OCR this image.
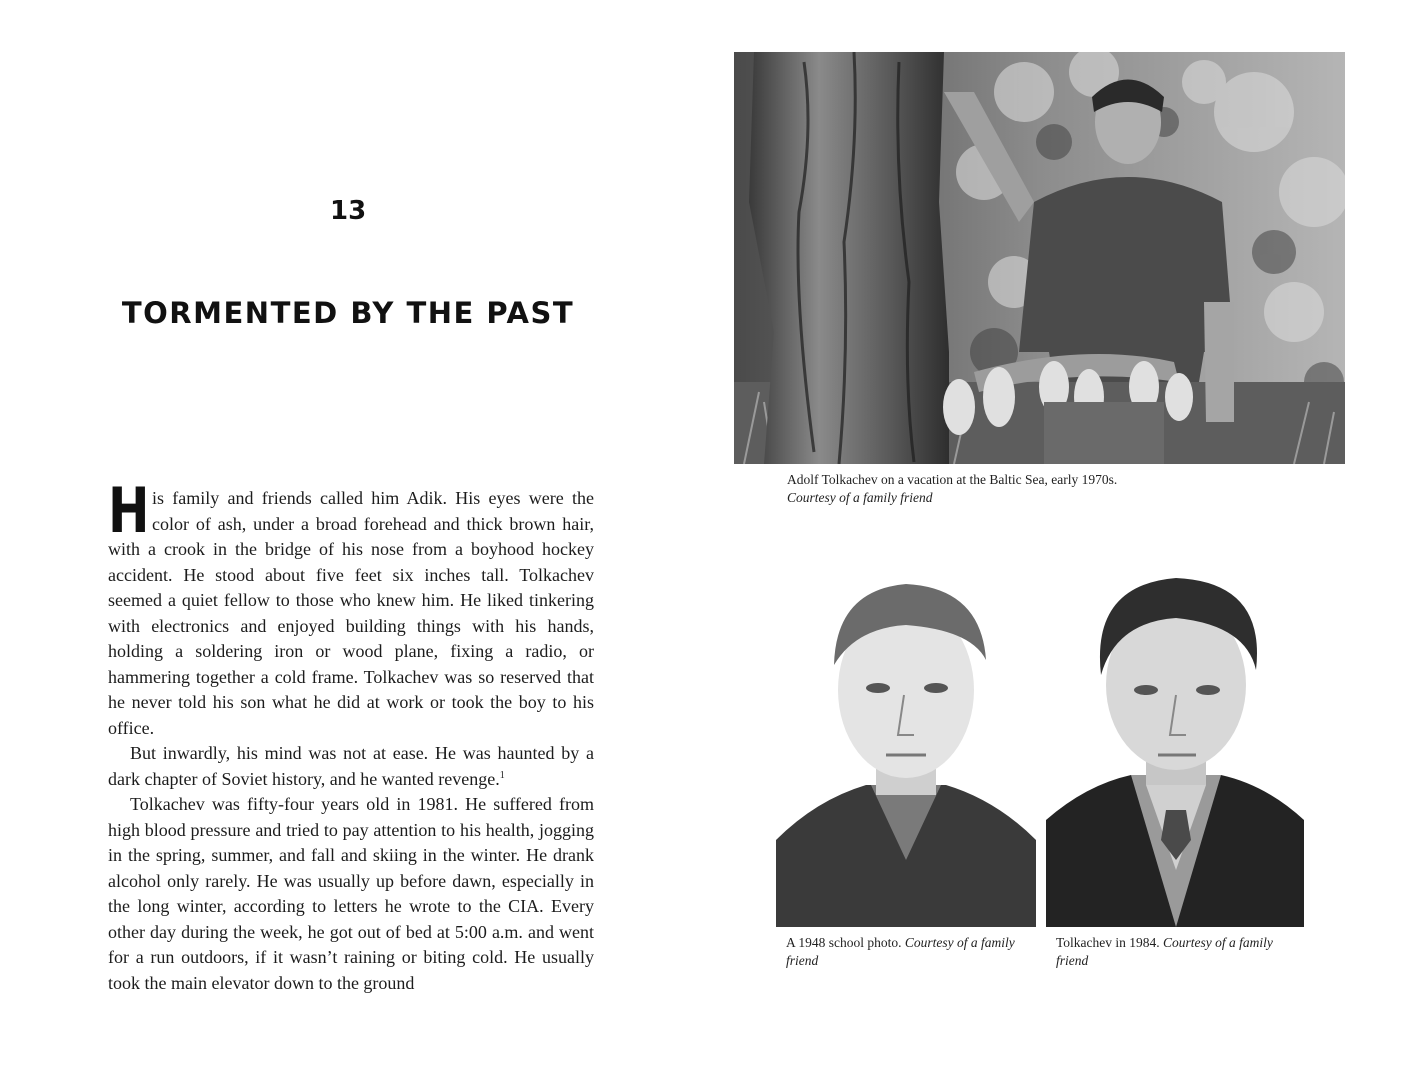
13
TORMENTED BY THE PAST

His family and friends called him Adik. His eyes were the color of ash, under a broad forehead and thick brown hair, with a crook in the bridge of his nose from a boyhood hockey accident. He stood about five feet six inches tall. Tolkachev seemed a quiet fellow to those who knew him. He liked tinkering with electronics and enjoyed building things with his hands, holding a soldering iron or wood plane, fixing a radio, or hammering together a cold frame. Tolkachev was so reserved that he never told his son what he did at work or took the boy to his office.

But inwardly, his mind was not at ease. He was haunted by a dark chapter of Soviet history, and he wanted revenge.$^1$

Tolkachev was fifty-four years old in 1981. He suffered from high blood pressure and tried to pay attention to his health, jogging in the spring, summer, and fall and skiing in the winter. He drank alcohol only rarely. He was usually up before dawn, especially in the long winter, according to letters he wrote to the CIA. Every other day during the week, he got out of bed at 5:00 a.m. and went for a run outdoors, if it wasn’t raining or biting cold. He usually took the main elevator down to the ground

Adolf Tolkachev on a vacation at the Baltic Sea, early 1970s.
Courtesy of a family friend
A 1948 school photo. Courtesy of a family friend
Tolkachev in 1984. Courtesy of a family friend
